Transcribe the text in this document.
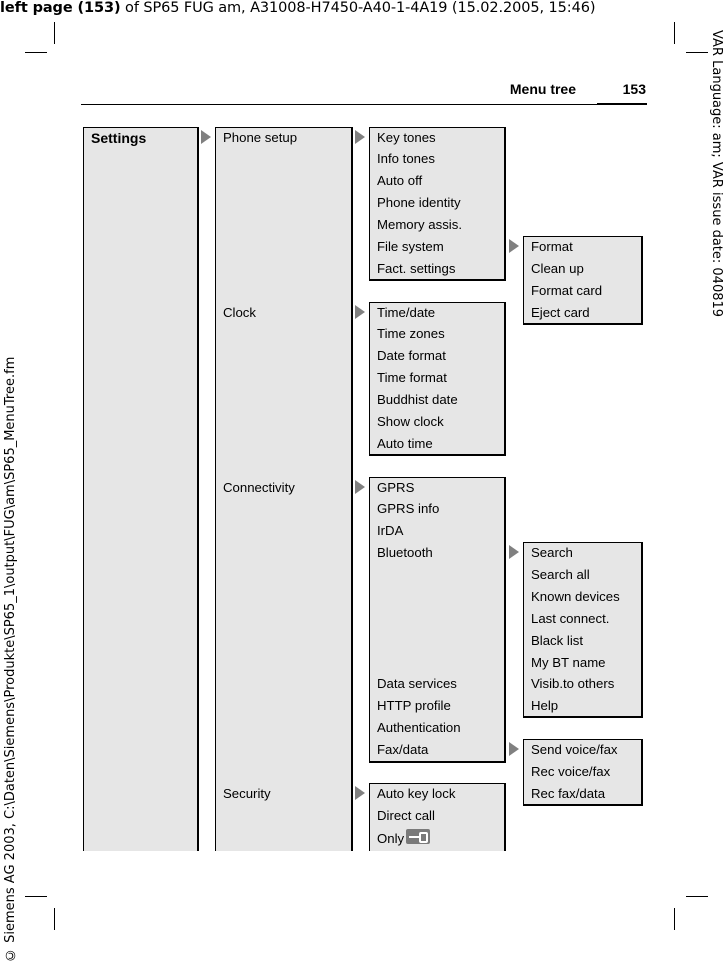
left page (153) of SP65 FUG am, A31008-H7450-A40-1-4A19 (15.02.2005, 15:46)
VAR Language: am; VAR issue date: 040819
© Siemens AG 2003, C:\Daten\Siemens\Produkte\SP65_1\output\FUG\am\SP65_MenuTree.fm
Menu tree	153
Settings	Phone setup
Clock
Connectivity
Security
Key tones
Info tones
Auto off
Phone identity
Memory assis.
File system
Fact. settings
Format
Clean up
Format card
Eject card
Time/date
Time zones
Date format
Time format
Buddhist date
Show clock
Auto time
GPRS
GPRS info
IrDA
Bluetooth
Data services
HTTP profile
Authentication
Fax/data
Search
Search all
Known devices
Last connect.
Black list
My BT name
Visib.to others
Help
Send voice/fax
Rec voice/fax
Rec fax/data
Auto key lock
Direct call
Only
